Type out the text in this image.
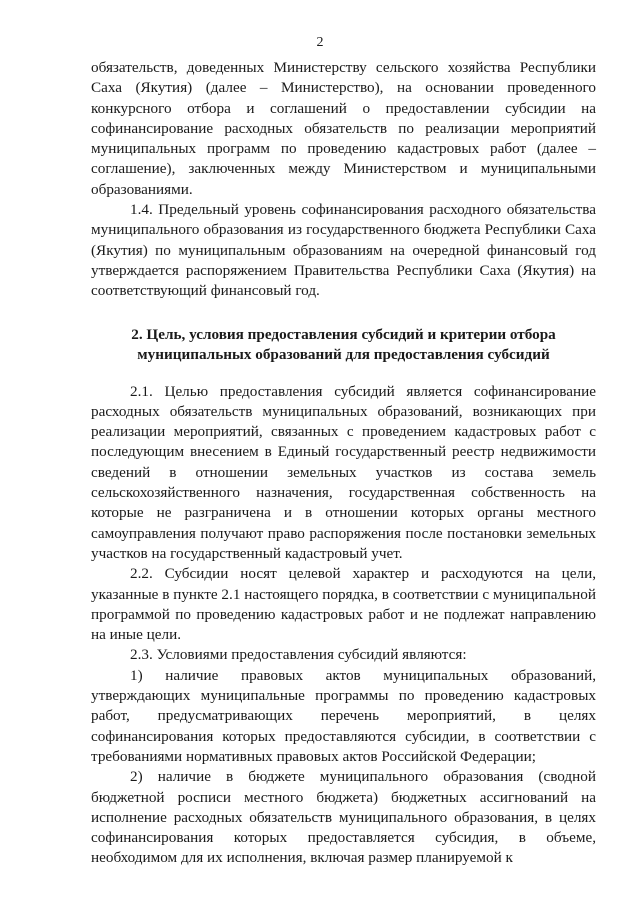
2

обязательств, доведенных Министерству сельского хозяйства Республики Саха (Якутия) (далее – Министерство), на основании проведенного конкурсного отбора и соглашений о предоставлении субсидии на софинансирование расходных обязательств по реализации мероприятий муниципальных программ по проведению кадастровых работ (далее – соглашение), заключенных между Министерством и муниципальными образованиями.

1.4. Предельный уровень софинансирования расходного обязательства муниципального образования из государственного бюджета Республики Саха (Якутия) по муниципальным образованиям на очередной финансовый год утверждается распоряжением Правительства Республики Саха (Якутия) на соответствующий финансовый год.

2. Цель, условия предоставления субсидий и критерии отбора муниципальных образований для предоставления субсидий

2.1. Целью предоставления субсидий является софинансирование расходных обязательств муниципальных образований, возникающих при реализации мероприятий, связанных с проведением кадастровых работ с последующим внесением в Единый государственный реестр недвижимости сведений в отношении земельных участков из состава земель сельскохозяйственного назначения, государственная собственность на которые не разграничена и в отношении которых органы местного самоуправления получают право распоряжения после постановки земельных участков на государственный кадастровый учет.

2.2. Субсидии носят целевой характер и расходуются на цели, указанные в пункте 2.1 настоящего порядка, в соответствии с муниципальной программой по проведению кадастровых работ и не подлежат направлению на иные цели.

2.3. Условиями предоставления субсидий являются:

1) наличие правовых актов муниципальных образований, утверждающих муниципальные программы по проведению кадастровых работ, предусматривающих перечень мероприятий, в целях софинансирования которых предоставляются субсидии, в соответствии с требованиями нормативных правовых актов Российской Федерации;

2) наличие в бюджете муниципального образования (сводной бюджетной росписи местного бюджета) бюджетных ассигнований на исполнение расходных обязательств муниципального образования, в целях софинансирования которых предоставляется субсидия, в объеме, необходимом для их исполнения, включая размер планируемой к
